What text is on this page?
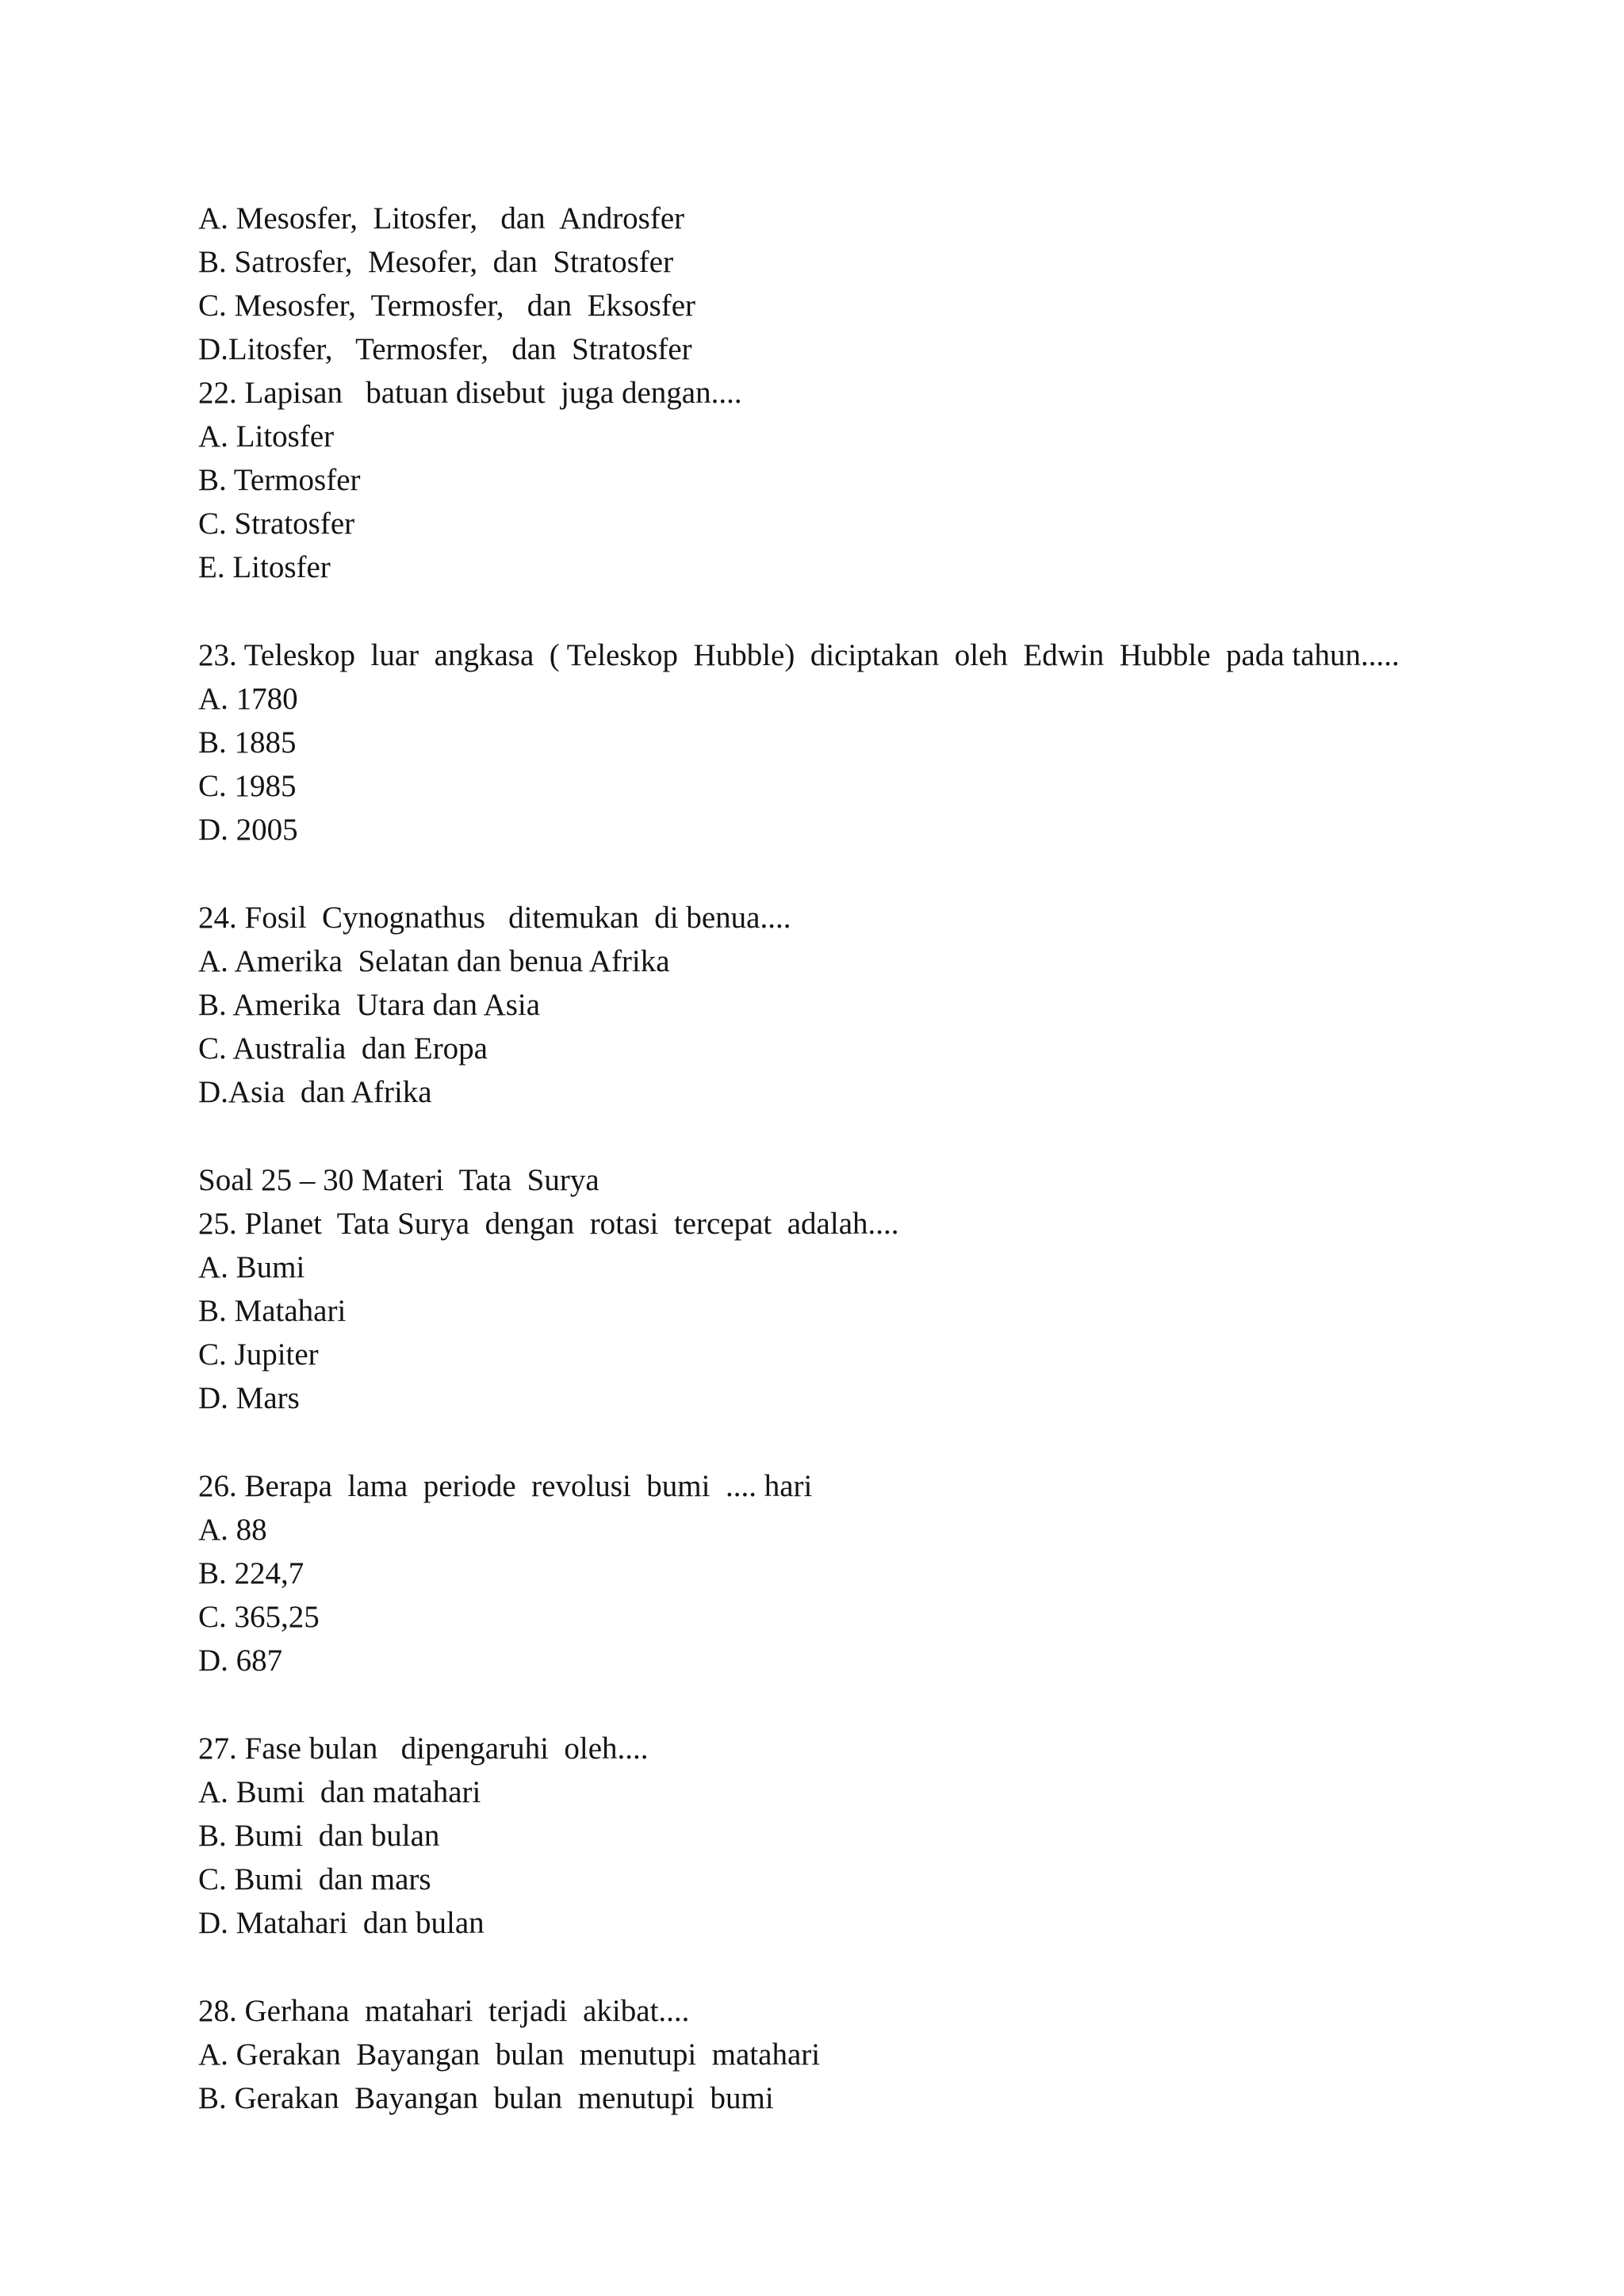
A. Mesosfer,  Litosfer,   dan  Androsfer
B. Satrosfer,  Mesofer,  dan  Stratosfer
C. Mesosfer,  Termosfer,   dan  Eksosfer
D.Litosfer,   Termosfer,   dan  Stratosfer
22. Lapisan   batuan disebut  juga dengan....
A. Litosfer
B. Termosfer
C. Stratosfer
E. Litosfer
23. Teleskop  luar  angkasa  ( Teleskop  Hubble)  diciptakan  oleh  Edwin  Hubble  pada tahun.....
A. 1780
B. 1885
C. 1985
D. 2005
24. Fosil  Cynognathus   ditemukan  di benua....
A. Amerika  Selatan dan benua Afrika
B. Amerika  Utara dan Asia
C. Australia  dan Eropa
D.Asia  dan Afrika
Soal 25 – 30 Materi  Tata  Surya
25. Planet  Tata Surya  dengan  rotasi  tercepat  adalah....
A. Bumi
B. Matahari
C. Jupiter
D. Mars
26. Berapa  lama  periode  revolusi  bumi  .... hari
A. 88
B. 224,7
C. 365,25
D. 687
27. Fase bulan   dipengaruhi  oleh....
A. Bumi  dan matahari
B. Bumi  dan bulan
C. Bumi  dan mars
D. Matahari  dan bulan
28. Gerhana  matahari  terjadi  akibat....
A. Gerakan  Bayangan  bulan  menutupi  matahari
B. Gerakan  Bayangan  bulan  menutupi  bumi
